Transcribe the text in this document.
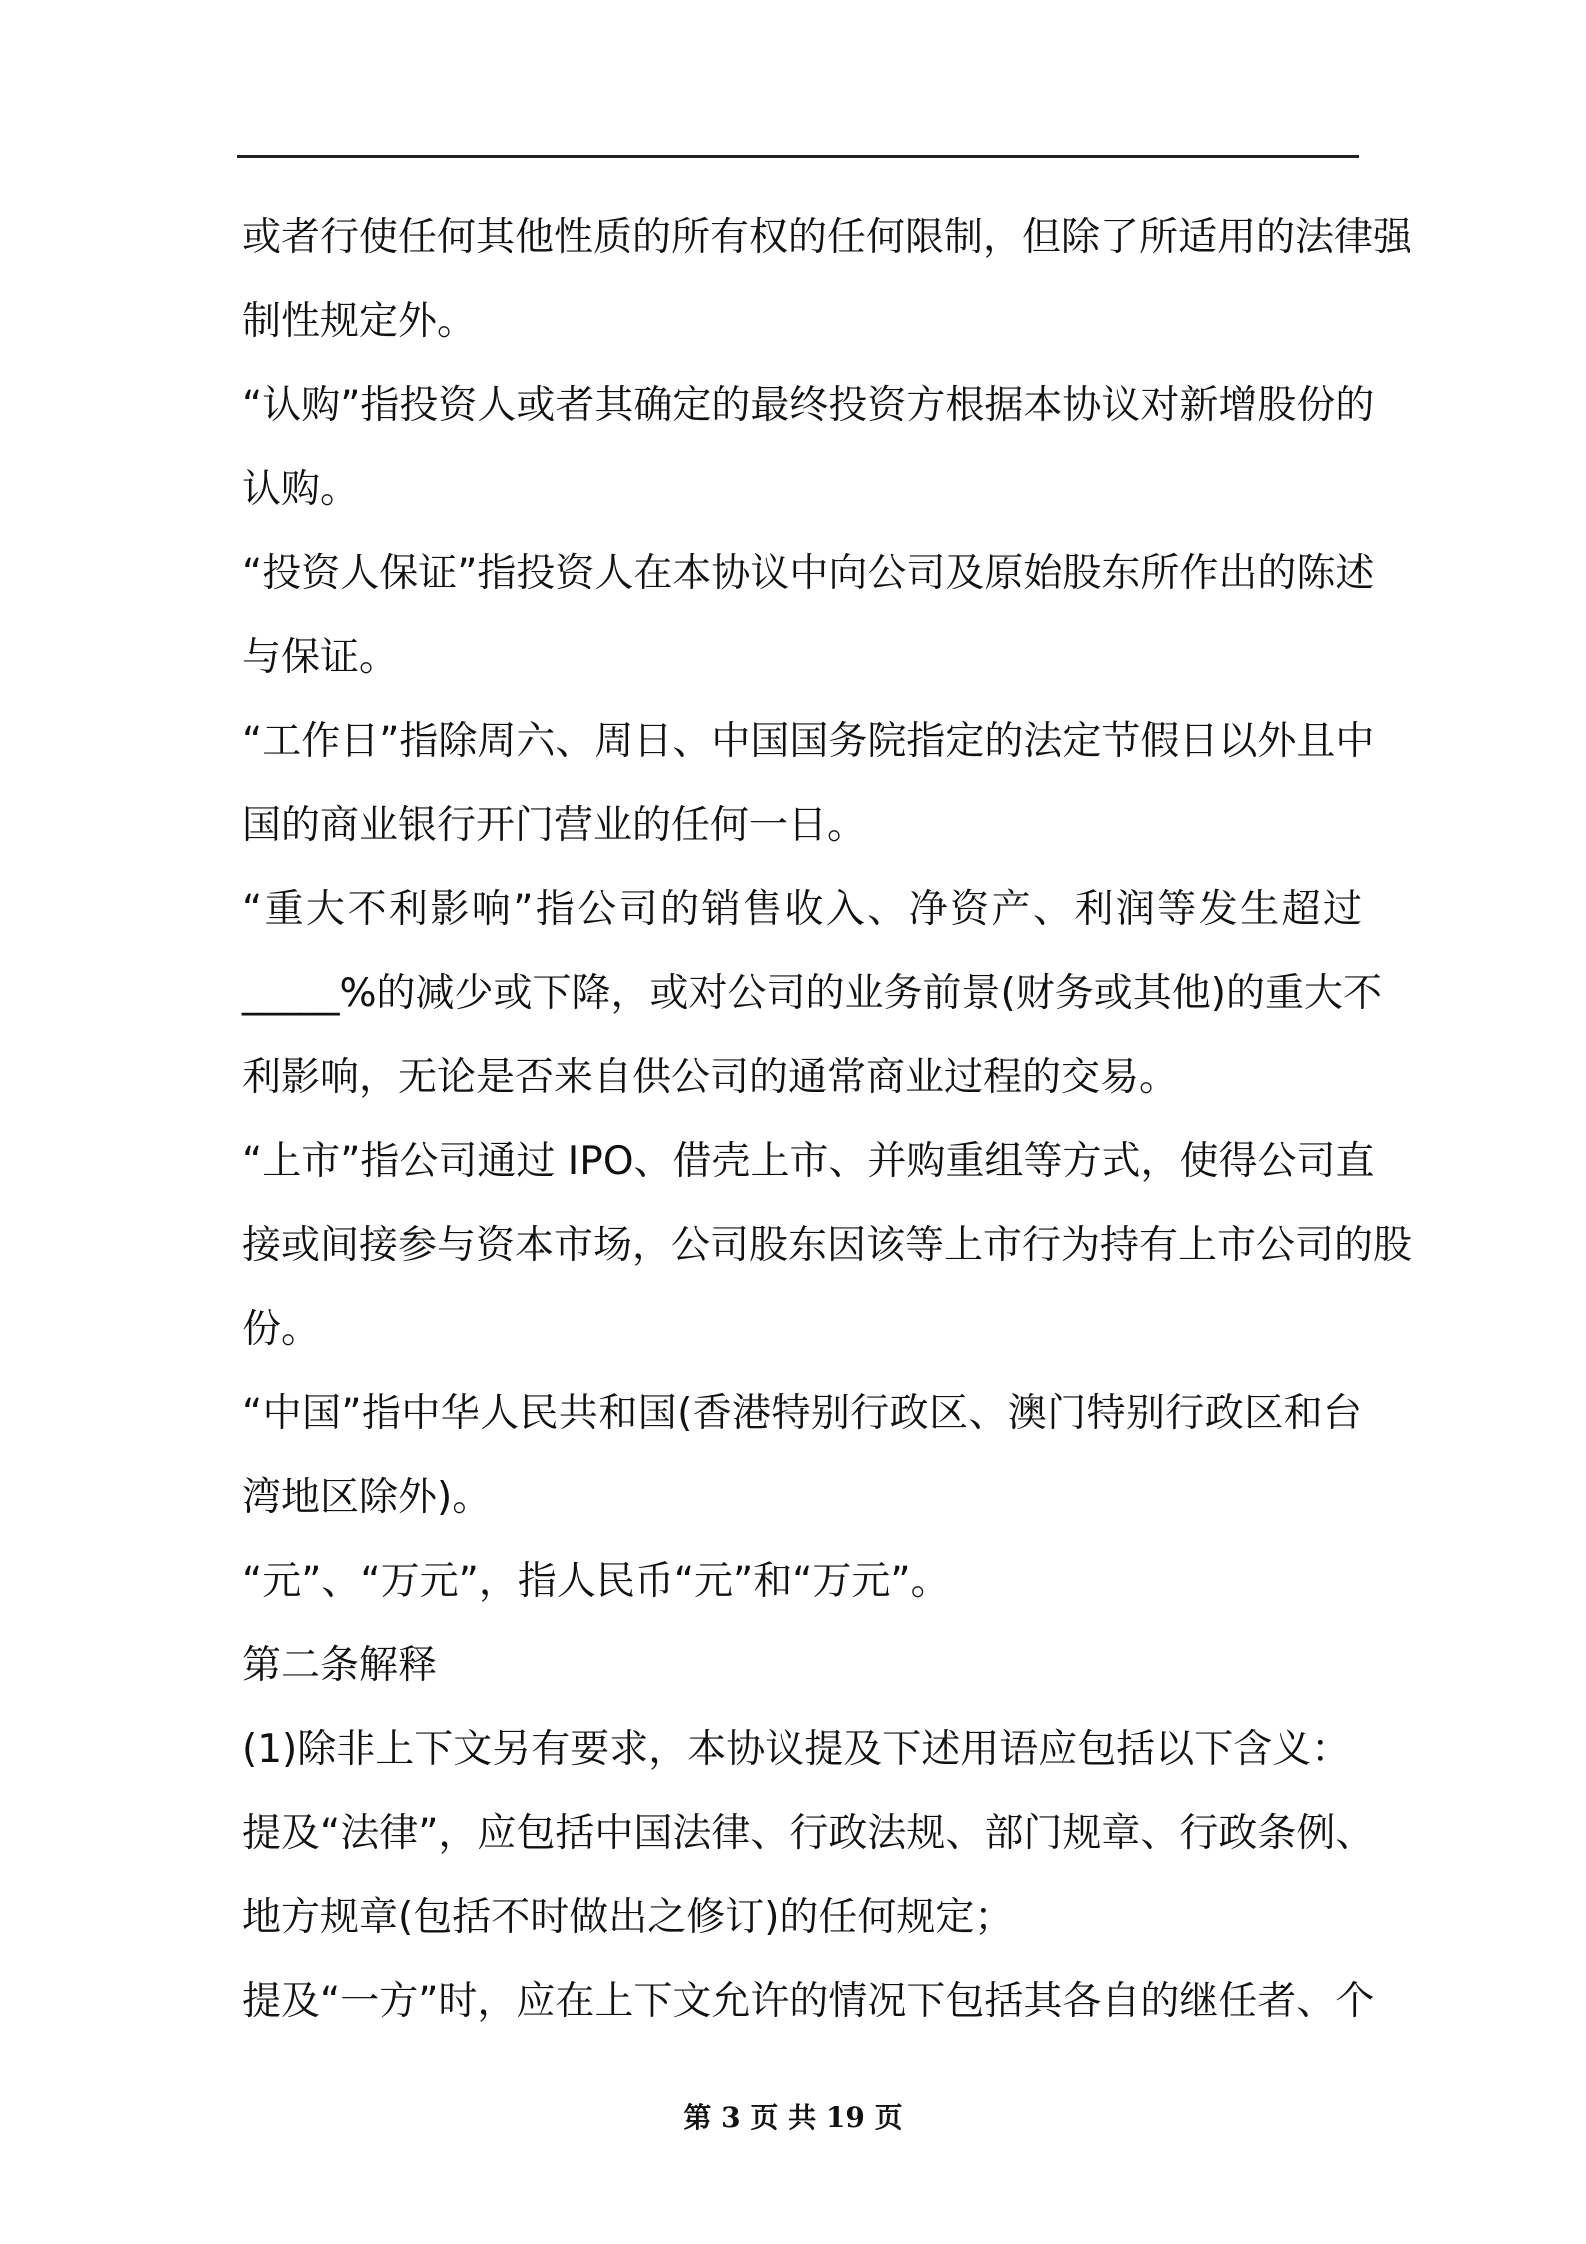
或者行使任何其他性质的所有权的任何限制，但除了所适用的法律强
制性规定外。
“认购”指投资人或者其确定的最终投资方根据本协议对新增股份的
认购。
“投资人保证”指投资人在本协议中向公司及原始股东所作出的陈述
与保证。
“工作日”指除周六、周日、中国国务院指定的法定节假日以外且中
国的商业银行开门营业的任何一日。
“重大不利影响”指公司的销售收入、净资产、利润等发生超过
_____%的减少或下降，或对公司的业务前景(财务或其他)的重大不
利影响，无论是否来自供公司的通常商业过程的交易。
“上市”指公司通过 IPO、借壳上市、并购重组等方式，使得公司直
接或间接参与资本市场，公司股东因该等上市行为持有上市公司的股
份。
“中国”指中华人民共和国(香港特别行政区、澳门特别行政区和台
湾地区除外)。
“元”、“万元”，指人民币“元”和“万元”。
第二条解释
(1)除非上下文另有要求，本协议提及下述用语应包括以下含义：
提及“法律”，应包括中国法律、行政法规、部门规章、行政条例、
地方规章(包括不时做出之修订)的任何规定；
提及“一方”时，应在上下文允许的情况下包括其各自的继任者、个
第 3 页 共 19 页
